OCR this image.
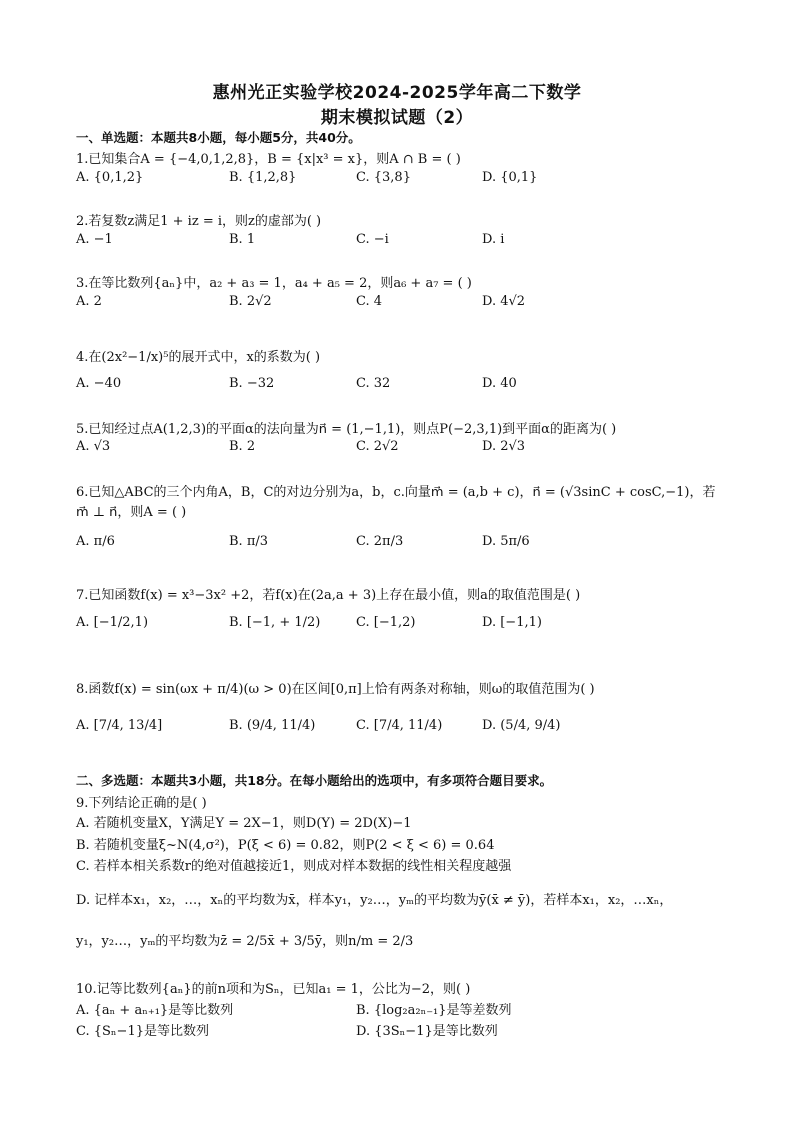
惠州光正实验学校2024-2025学年高二下数学
期末模拟试题（2）
一、单选题：本题共8小题，每小题5分，共40分。
1.已知集合A = {−4,0,1,2,8}，B = {x|x³ = x}，则A ∩ B = ( )
A. {0,1,2}	B. {1,2,8}	C. {3,8}	D. {0,1}
2.若复数z满足1 + iz = i，则z的虚部为( )
A. −1	B. 1	C. −i	D. i
3.在等比数列{aₙ}中，a₂ + a₃ = 1，a₄ + a₅ = 2，则a₆ + a₇ = ( )
A. 2	B. 2√2	C. 4	D. 4√2
4.在(2x²−1/x)⁵的展开式中，x的系数为( )
A. −40	B. −32	C. 32	D. 40
5.已知经过点A(1,2,3)的平面α的法向量为n⃗ = (1,−1,1)，则点P(−2,3,1)到平面α的距离为( )
A. √3	B. 2	C. 2√2	D. 2√3
6.已知△ABC的三个内角A，B，C的对边分别为a，b，c.向量m⃗ = (a,b + c)，n⃗ = (√3sinC + cosC,−1)，若
m⃗ ⊥ n⃗，则A = ( )
A. π/6	B. π/3	C. 2π/3	D. 5π/6
7.已知函数f(x) = x³−3x² +2，若f(x)在(2a,a + 3)上存在最小值，则a的取值范围是( )
A. [−1/2,1)	B. [−1, + 1/2)	C. [−1,2)	D. [−1,1)
8.函数f(x) = sin(ωx + π/4)(ω > 0)在区间[0,π]上恰有两条对称轴，则ω的取值范围为( )
A. [7/4, 13/4]	B. (9/4, 11/4)	C. [7/4, 11/4)	D. (5/4, 9/4)
二、多选题：本题共3小题，共18分。在每小题给出的选项中，有多项符合题目要求。
9.下列结论正确的是( )
A. 若随机变量X，Y满足Y = 2X−1，则D(Y) = 2D(X)−1
B. 若随机变量ξ~N(4,σ²)，P(ξ < 6) = 0.82，则P(2 < ξ < 6) = 0.64
C. 若样本相关系数r的绝对值越接近1，则成对样本数据的线性相关程度越强
D. 记样本x₁，x₂，…，xₙ的平均数为x̄，样本y₁，y₂…，yₘ的平均数为ȳ(x̄ ≠ ȳ)，若样本x₁，x₂，…xₙ，
y₁，y₂…，yₘ的平均数为z̄ = 2/5x̄ + 3/5ȳ，则n/m = 2/3
10.记等比数列{aₙ}的前n项和为Sₙ，已知a₁ = 1，公比为−2，则( )
A. {aₙ + aₙ₊₁}是等比数列	B. {log₂a₂ₙ₋₁}是等差数列
C. {Sₙ−1}是等比数列	D. {3Sₙ−1}是等比数列
